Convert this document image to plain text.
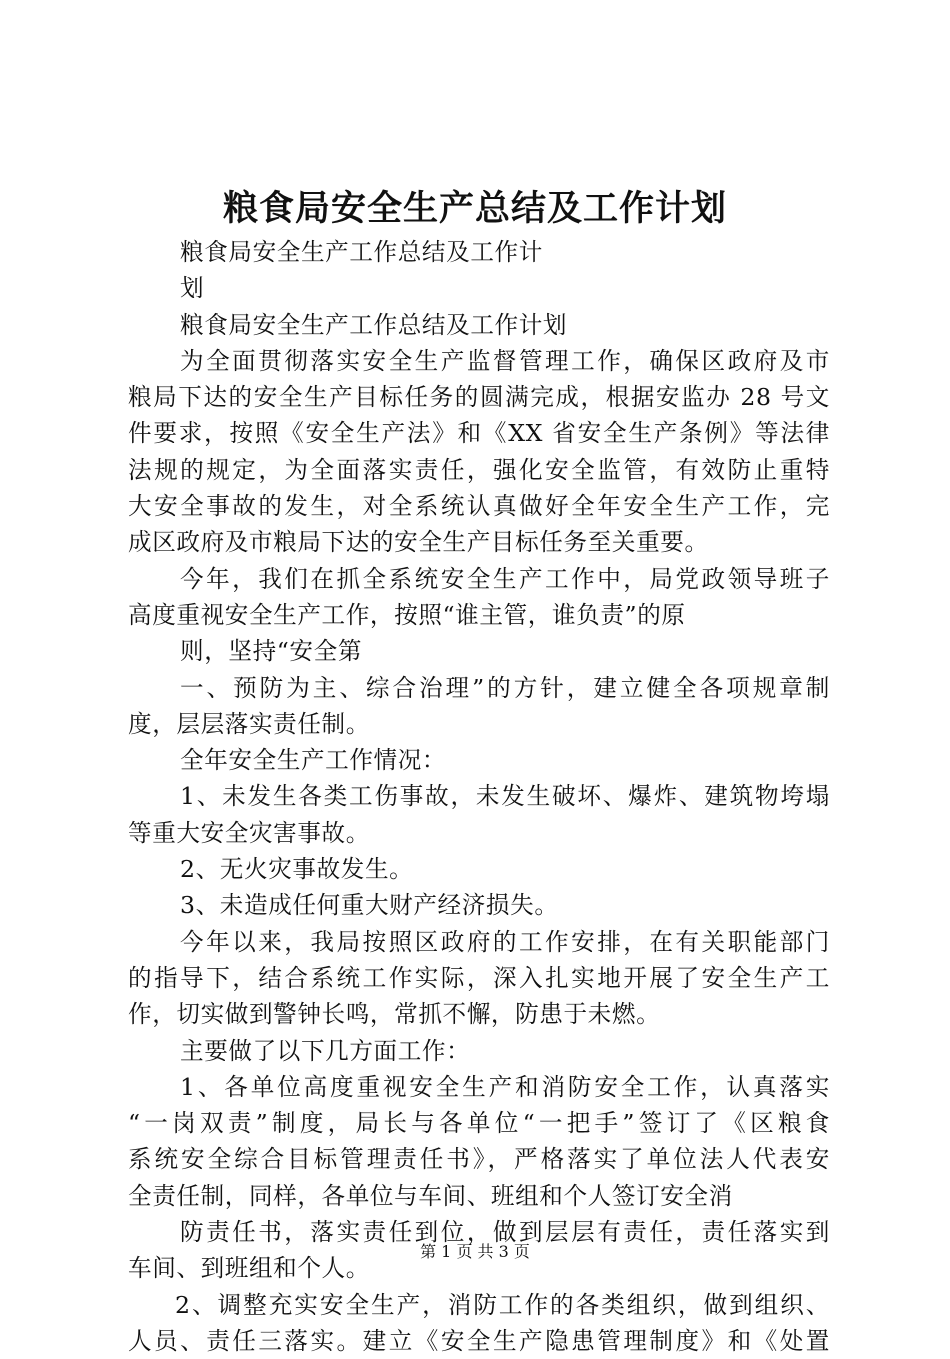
粮食局安全生产总结及工作计划
粮食局安全生产工作总结及工作计
划
粮食局安全生产工作总结及工作计划
为全面贯彻落实安全生产监督管理工作，确保区政府及市
粮局下达的安全生产目标任务的圆满完成，根据安监办 28 号文
件要求，按照《安全生产法》和《XX 省安全生产条例》等法律
法规的规定，为全面落实责任，强化安全监管，有效防止重特
大安全事故的发生，对全系统认真做好全年安全生产工作，完
成区政府及市粮局下达的安全生产目标任务至关重要。
今年，我们在抓全系统安全生产工作中，局党政领导班子
高度重视安全生产工作，按照“谁主管，谁负责”的原
则，坚持“安全第
一、预防为主、综合治理”的方针，建立健全各项规章制
度，层层落实责任制。
全年安全生产工作情况：
1、未发生各类工伤事故，未发生破坏、爆炸、建筑物垮塌
等重大安全灾害事故。
2、无火灾事故发生。
3、未造成任何重大财产经济损失。
今年以来，我局按照区政府的工作安排，在有关职能部门
的指导下，结合系统工作实际，深入扎实地开展了安全生产工
作，切实做到警钟长鸣，常抓不懈，防患于未燃。
主要做了以下几方面工作：
1、各单位高度重视安全生产和消防安全工作，认真落实
“一岗双责”制度，局长与各单位“一把手”签订了《区粮食
系统安全综合目标管理责任书》，严格落实了单位法人代表安
全责任制，同样，各单位与车间、班组和个人签订安全消
防责任书，落实责任到位，做到层层有责任，责任落实到
车间、到班组和个人。
2、调整充实安全生产，消防工作的各类组织，做到组织、
人员、责任三落实。建立《安全生产隐患管理制度》和《处置
第 1 页 共 3 页
